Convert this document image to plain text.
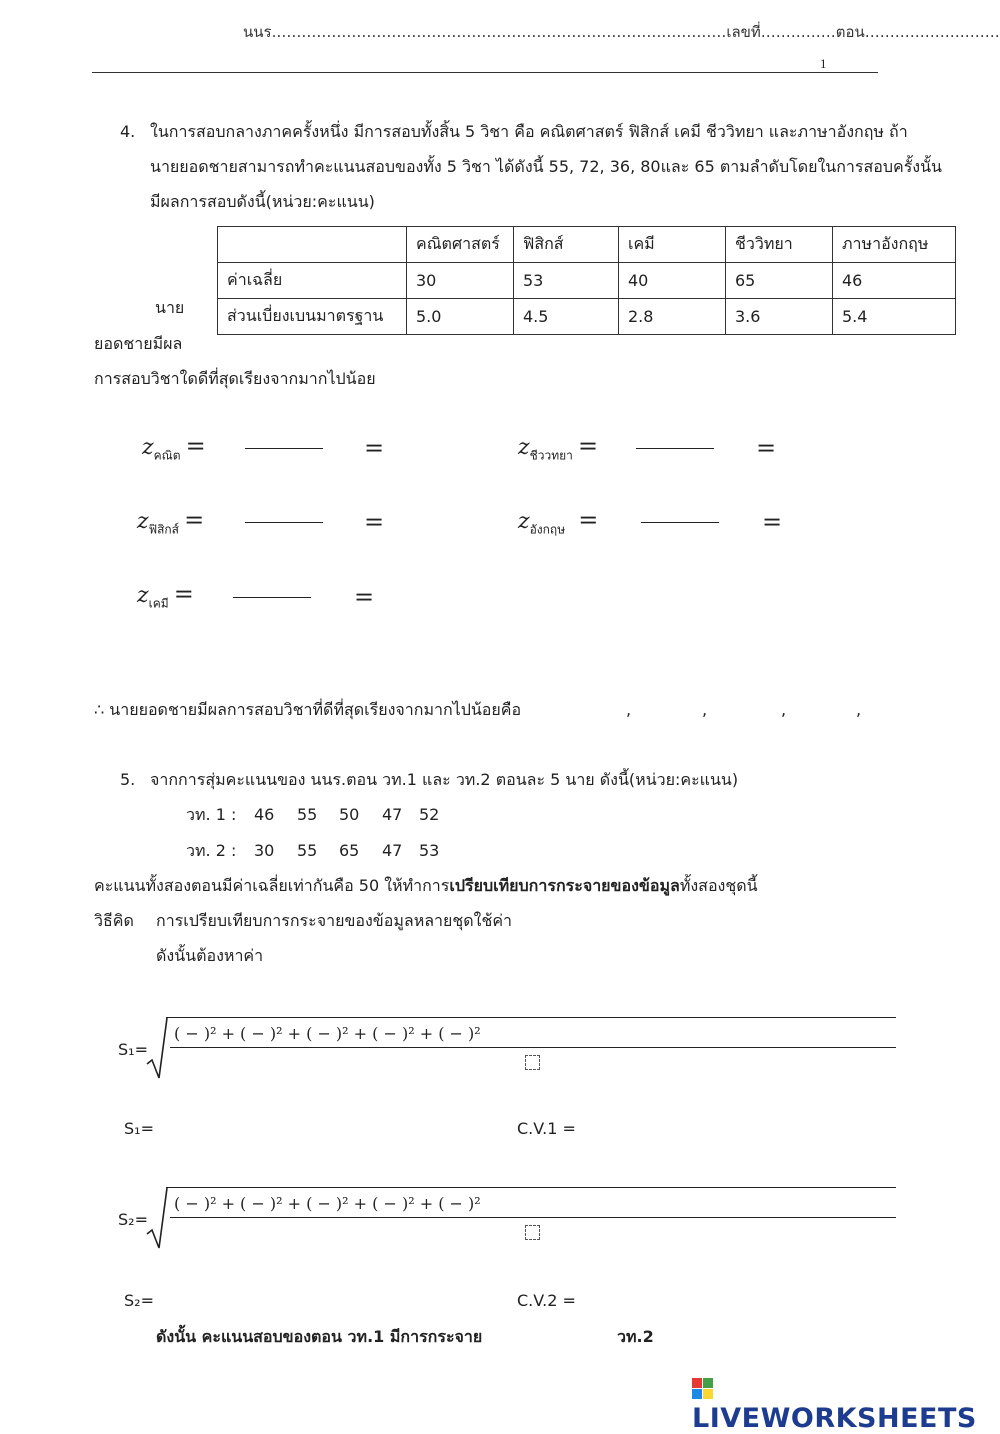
นนร.………………………………………………………………………………เลขที่……………ตอน………………………
1
4. ในการสอบกลางภาคครั้งหนึ่ง มีการสอบทั้งสิ้น 5 วิชา คือ คณิตศาสตร์ ฟิสิกส์ เคมี ชีววิทยา และภาษาอังกฤษ ถ้า
นายยอดชายสามารถทำคะแนนสอบของทั้ง 5 วิชา ได้ดังนี้ 55, 72, 36, 80และ 65 ตามลำดับโดยในการสอบครั้งนั้น
มีผลการสอบดังนี้(หน่วย:คะแนน)
	คณิตศาสตร์	ฟิสิกส์	เคมี	ชีววิทยา	ภาษาอังกฤษ
ค่าเฉลี่ย	30	53	40	65	46
ส่วนเบี่ยงเบนมาตรฐาน	5.0	4.5	2.8	3.6	5.4
นาย
ยอดชายมีผล
การสอบวิชาใดดีที่สุดเรียงจากมากไปน้อย
$z_{คณิต}$ =	=	$z_{ชีววทยา}$ =	=
$z_{ฟิสิกส์}$ =	=	$z_{อังกฤษ}$ =	=
$z_{เคมี}$ =	=
∴ นายยอดชายมีผลการสอบวิชาที่ดีที่สุดเรียงจากมากไปน้อยคือ	,	,	,	,
5. จากการสุ่มคะแนนของ นนร.ตอน วท.1 และ วท.2 ตอนละ 5 นาย ดังนี้(หน่วย:คะแนน)
วท. 1 : 46 55 50 47 52
วท. 2 : 30 55 65 47 53
คะแนนทั้งสองตอนมีค่าเฉลี่ยเท่ากันคือ 50 ให้ทำการเปรียบเทียบการกระจายของข้อมูลทั้งสองชุดนี้
วิธีคิด การเปรียบเทียบการกระจายของข้อมูลหลายชุดใช้ค่า
ดังนั้นต้องหาค่า
S₁=
( − )² + ( − )² + ( − )² + ( − )² + ( − )²
S₁=	C.V.1 =
S₂=
( − )² + ( − )² + ( − )² + ( − )² + ( − )²
S₂=	C.V.2 =
ดังนั้น คะแนนสอบของตอน วท.1 มีการกระจาย	วท.2
LIVEWORKSHEETS
